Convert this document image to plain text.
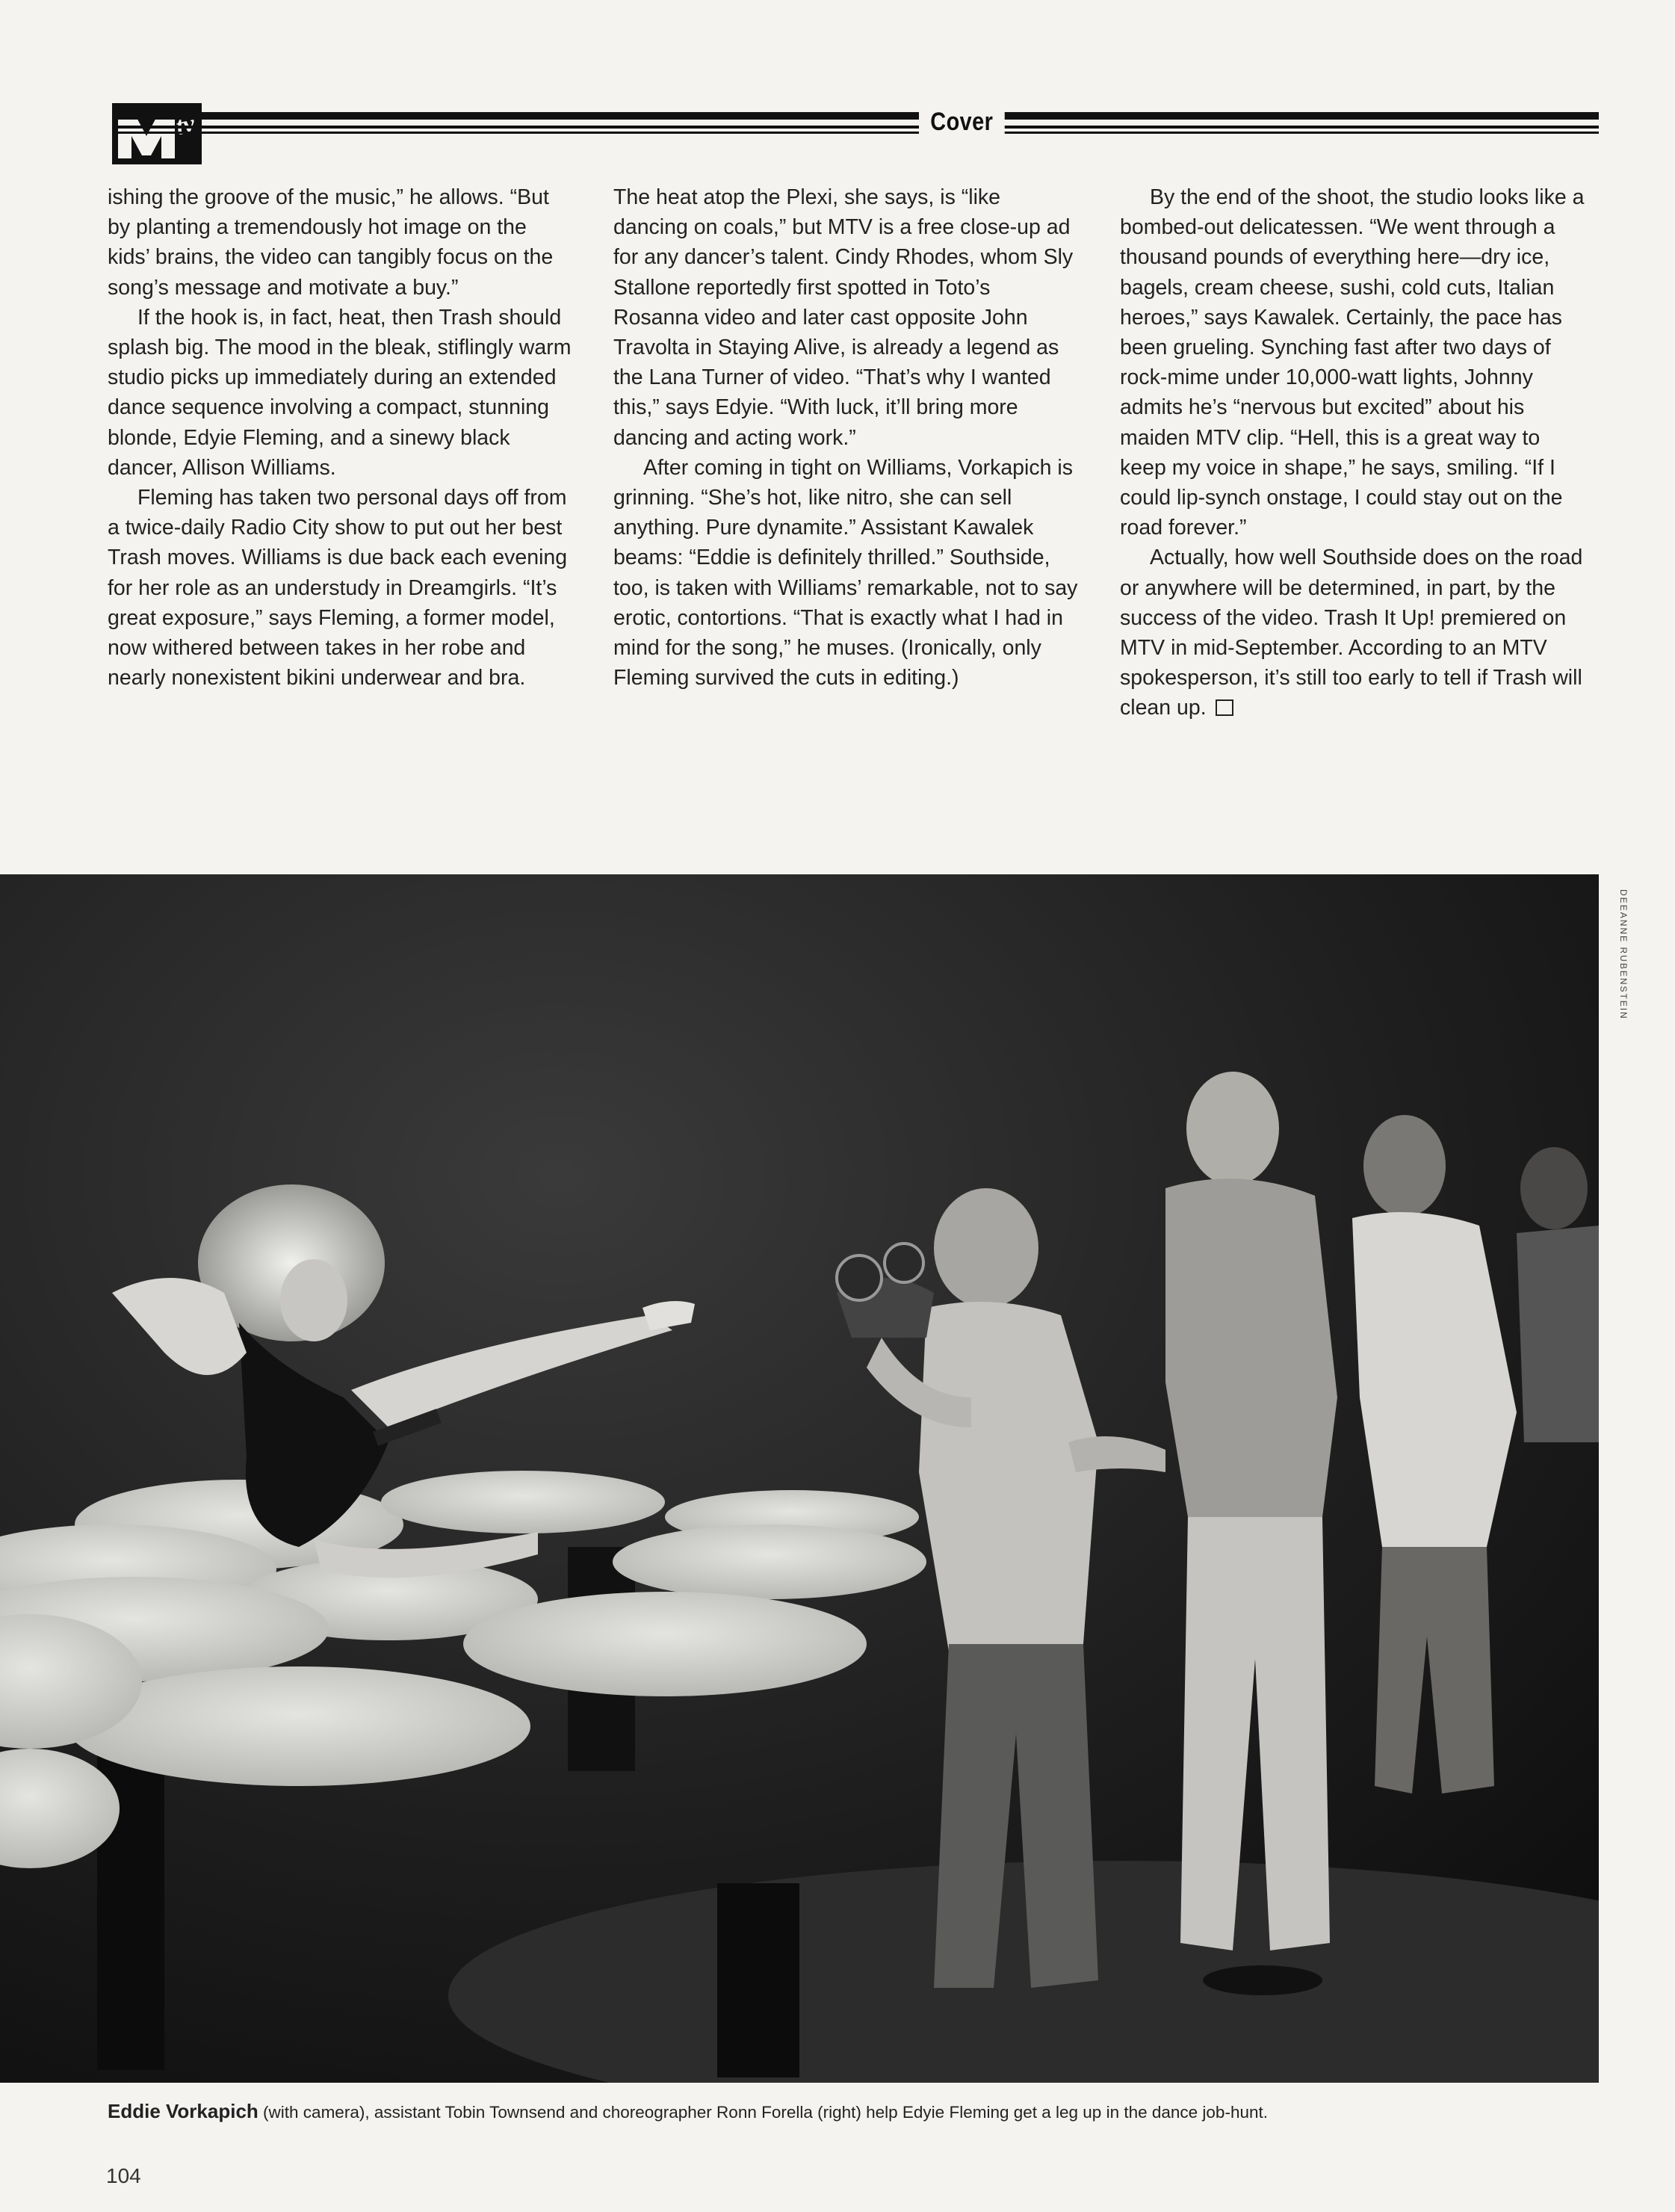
Cover

ishing the groove of the music,” he allows. “But by planting a tremendously hot image on the kids’ brains, the video can tangibly focus on the song’s message and motivate a buy.”

If the hook is, in fact, heat, then Trash should splash big. The mood in the bleak, stiflingly warm studio picks up immediately during an extended dance sequence involving a compact, stunning blonde, Edyie Fleming, and a sinewy black dancer, Allison Williams.

Fleming has taken two personal days off from a twice-daily Radio City show to put out her best Trash moves. Williams is due back each evening for her role as an understudy in Dreamgirls. “It’s great exposure,” says Fleming, a former model, now withered between takes in her robe and nearly nonexistent bikini underwear and bra.

The heat atop the Plexi, she says, is “like dancing on coals,” but MTV is a free close-up ad for any dancer’s talent. Cindy Rhodes, whom Sly Stallone reportedly first spotted in Toto’s Rosanna video and later cast opposite John Travolta in Staying Alive, is already a legend as the Lana Turner of video. “That’s why I wanted this,” says Edyie. “With luck, it’ll bring more dancing and acting work.”

After coming in tight on Williams, Vorkapich is grinning. “She’s hot, like nitro, she can sell anything. Pure dynamite.” Assistant Kawalek beams: “Eddie is definitely thrilled.” Southside, too, is taken with Williams’ remarkable, not to say erotic, contortions. “That is exactly what I had in mind for the song,” he muses. (Ironically, only Fleming survived the cuts in editing.)

By the end of the shoot, the studio looks like a bombed-out delicatessen. “We went through a thousand pounds of everything here—dry ice, bagels, cream cheese, sushi, cold cuts, Italian heroes,” says Kawalek. Certainly, the pace has been grueling. Synching fast after two days of rock-mime under 10,000-watt lights, Johnny admits he’s “nervous but excited” about his maiden MTV clip. “Hell, this is a great way to keep my voice in shape,” he says, smiling. “If I could lip-synch onstage, I could stay out on the road forever.”

Actually, how well Southside does on the road or anywhere will be determined, in part, by the success of the video. Trash It Up! premiered on MTV in mid-September. According to an MTV spokesperson, it’s still too early to tell if Trash will clean up.

DEEANNE RUBENSTEIN
Eddie Vorkapich (with camera), assistant Tobin Townsend and choreographer Ronn Forella (right) help Edyie Fleming get a leg up in the dance job-hunt.
104
